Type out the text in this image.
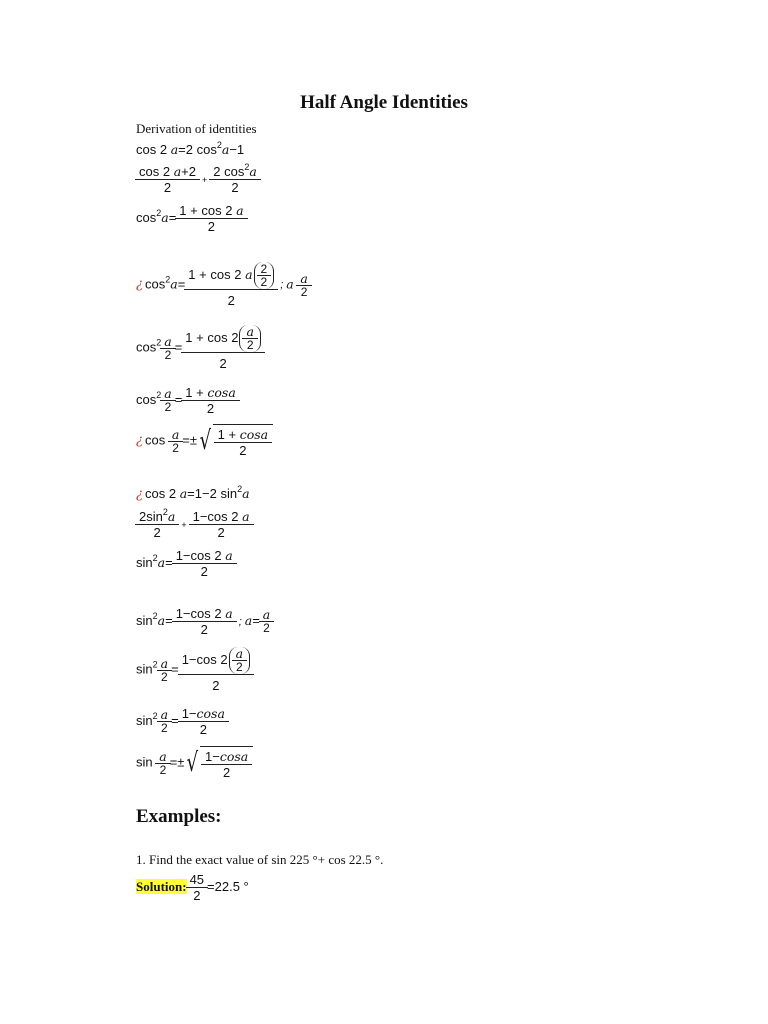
Half Angle Identities
Derivation of identities
cos 2 a=2 $\cos^2a-1$
$\frac{\cos 2 a+2}{2} + \frac{2 \cos^2a}{2}$
$\cos^2a= \frac{1 + \cos 2 a}{2}$
¿ $\cos^2a= \frac{1 + \cos 2 a \frac{2}{2}}{2}$ ; a $\frac{a}{2}$
$\cos^2 \frac{a}{2} = \frac{1 + \cos 2 \frac{a}{2}}{2}$
$\cos^2 \frac{a}{2} = \frac{1 + \cos a}{2}$
¿ $\cos \frac{a}{2}$ =± √ $\frac{1 + \cos a}{2}$
¿ cos 2 a=1−2 $\sin^2a$
$\frac{2\sin^2a}{2} + \frac{1-\cos 2 a}{2}$
$\sin^2a= \frac{1-\cos 2 a}{2}$
$\sin^2a= \frac{1-\cos 2 a}{2}$ ; $a= \frac{a}{2}$
$\sin^2 \frac{a}{2} = \frac{1-\cos 2 \frac{a}{2}}{2}$
$\sin^2 \frac{a}{2} = \frac{1-\cos a}{2}$
$\sin \frac{a}{2}$ =± √ $\frac{1-\cos a}{2}$
Examples:
1. Find the exact value of sin 225 °+ cos 22.5 °.
Solution: $\frac{45}{2} =22.5$ °
